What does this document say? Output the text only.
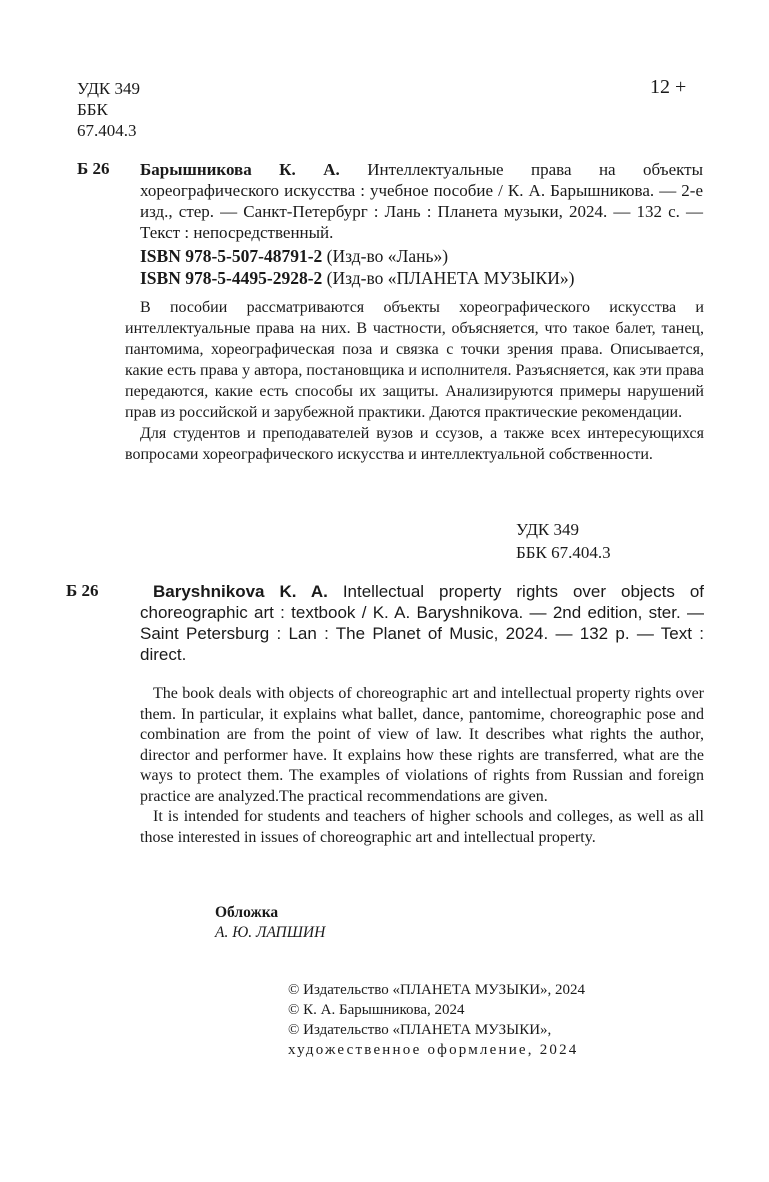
УДК 349
ББК
67.404.3
12 +
Б 26 Барышникова К. А. Интеллектуальные права на объекты хореографического искусства : учебное пособие / К. А. Барышникова. — 2-е изд., стер. — Санкт-Петербург : Лань : Планета музыки, 2024. — 132 с. — Текст : непосредственный.
ISBN 978-5-507-48791-2 (Изд-во «Лань»)
ISBN 978-5-4495-2928-2 (Изд-во «ПЛАНЕТА МУЗЫКИ»)

В пособии рассматриваются объекты хореографического искусства и интеллектуальные права на них. В частности, объясняется, что такое балет, танец, пантомима, хореографическая поза и связка с точки зрения права. Описывается, какие есть права у автора, постановщика и исполнителя. Разъясняется, как эти права передаются, какие есть способы их защиты. Анализируются примеры нарушений прав из российской и зарубежной практики. Даются практические рекомендации.

Для студентов и преподавателей вузов и ссузов, а также всех интересующихся вопросами хореографического искусства и интеллектуальной собственности.

УДК 349
ББК 67.404.3
Б 26	Baryshnikova K. A. Intellectual property rights over objects of choreographic art : textbook / K. A. Baryshnikova. — 2nd edition, ster. — Saint Petersburg : Lan : The Planet of Music, 2024. — 132 p. — Text : direct.

The book deals with objects of choreographic art and intellectual property rights over them. In particular, it explains what ballet, dance, pantomime, choreographic pose and combination are from the point of view of law. It describes what rights the author, director and performer have. It explains how these rights are transferred, what are the ways to protect them. The examples of violations of rights from Russian and foreign practice are analyzed.The practical recommendations are given.

It is intended for students and teachers of higher schools and colleges, as well as all those interested in issues of choreographic art and intellectual property.

Обложка
А. Ю. ЛАПШИН
© Издательство «ПЛАНЕТА МУЗЫКИ», 2024
© К. А. Барышникова, 2024
© Издательство «ПЛАНЕТА МУЗЫКИ»,
художественное оформление, 2024
